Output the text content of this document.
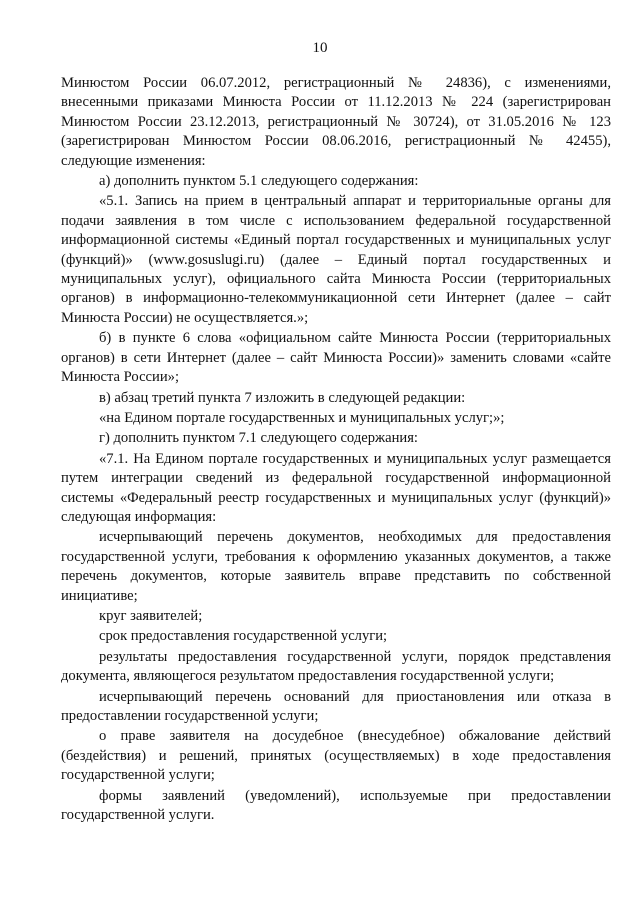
10

Минюстом России 06.07.2012, регистрационный № 24836), с изменениями, внесенными приказами Минюста России от 11.12.2013 № 224 (зарегистрирован Минюстом России 23.12.2013, регистрационный № 30724), от 31.05.2016 № 123 (зарегистрирован Минюстом России 08.06.2016, регистрационный № 42455), следующие изменения:

а) дополнить пунктом 5.1 следующего содержания:

«5.1. Запись на прием в центральный аппарат и территориальные органы для подачи заявления в том числе с использованием федеральной государственной информационной системы «Единый портал государственных и муниципальных услуг (функций)» (www.gosuslugi.ru) (далее – Единый портал государственных и муниципальных услуг), официального сайта Минюста России (территориальных органов) в информационно-телекоммуникационной сети Интернет (далее – сайт Минюста России) не осуществляется.»;

б) в пункте 6 слова «официальном сайте Минюста России (территориальных органов) в сети Интернет (далее – сайт Минюста России)» заменить словами «сайте Минюста России»;

в) абзац третий пункта 7 изложить в следующей редакции:

«на Едином портале государственных и муниципальных услуг;»;

г) дополнить пунктом 7.1 следующего содержания:

«7.1. На Едином портале государственных и муниципальных услуг размещается путем интеграции сведений из федеральной государственной информационной системы «Федеральный реестр государственных и муниципальных услуг (функций)» следующая информация:

исчерпывающий перечень документов, необходимых для предоставления государственной услуги, требования к оформлению указанных документов, а также перечень документов, которые заявитель вправе представить по собственной инициативе;

круг заявителей;

срок предоставления государственной услуги;

результаты предоставления государственной услуги, порядок представления документа, являющегося результатом предоставления государственной услуги;

исчерпывающий перечень оснований для приостановления или отказа в предоставлении государственной услуги;

о праве заявителя на досудебное (внесудебное) обжалование действий (бездействия) и решений, принятых (осуществляемых) в ходе предоставления государственной услуги;

формы заявлений (уведомлений), используемые при предоставлении государственной услуги.
